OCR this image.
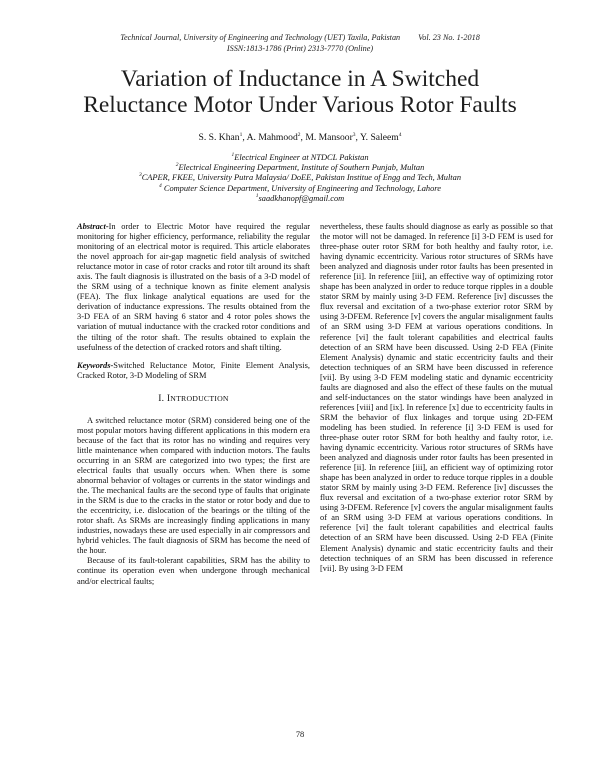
Technical Journal, University of Engineering and Technology (UET) Taxila, Pakistan Vol. 23 No. 1-2018
ISSN:1813-1786 (Print) 2313-7770 (Online)
Variation of Inductance in A Switched
Reluctance Motor Under Various Rotor Faults
S. S. Khan$^1$, A. Mahmood$^2$, M. Mansoor$^3$, Y. Saleem$^4$
$^1$Electrical Engineer at NTDCL Pakistan
$^2$Electrical Engineering Department, Institute of Southern Punjab, Multan
$^3$CAPER, FKEE, University Putra Malaysia/ DoEE, Pakistan Institue of Engg and Tech, Multan
$^4$ Computer Science Department, University of Engineering and Technology, Lahore
$^1$saadkhanopf@gmail.com

Abstract-In order to Electric Motor have required the regular monitoring for higher efficiency, performance, reliability the regular monitoring of an electrical motor is required. This article elaborates the novel approach for air-gap magnetic field analysis of switched reluctance motor in case of rotor cracks and rotor tilt around its shaft axis. The fault diagnosis is illustrated on the basis of a 3-D model of the SRM using of a technique known as finite element analysis (FEA). The flux linkage analytical equations are used for the derivation of inductance expressions. The results obtained from the 3-D FEA of an SRM having 6 stator and 4 rotor poles shows the variation of mutual inductance with the cracked rotor conditions and the tilting of the rotor shaft. The results obtained to explain the usefulness of the detection of cracked rotors and shaft tilting.

Keywords-Switched Reluctance Motor, Finite Element Analysis, Cracked Rotor, 3-D Modeling of SRM

I. INTRODUCTION

A switched reluctance motor (SRM) considered being one of the most popular motors having different applications in this modern era because of the fact that its rotor has no winding and requires very little maintenance when compared with induction motors. The faults occurring in an SRM are categorized into two types; the first are electrical faults that usually occurs when. When there is some abnormal behavior of voltages or currents in the stator windings and the. The mechanical faults are the second type of faults that originate in the SRM is due to the cracks in the stator or rotor body and due to the eccentricity, i.e. dislocation of the bearings or the tilting of the rotor shaft. As SRMs are increasingly finding applications in many industries, nowadays these are used especially in air compressors and hybrid vehicles. The fault diagnosis of SRM has become the need of the hour.

Because of its fault-tolerant capabilities, SRM has the ability to continue its operation even when undergone through mechanical and/or electrical faults;

nevertheless, these faults should diagnose as early as possible so that the motor will not be damaged. In reference [i] 3-D FEM is used for three-phase outer rotor SRM for both healthy and faulty rotor, i.e. having dynamic eccentricity. Various rotor structures of SRMs have been analyzed and diagnosis under rotor faults has been presented in reference [ii]. In reference [iii], an effective way of optimizing rotor shape has been analyzed in order to reduce torque ripples in a double stator SRM by mainly using 3-D FEM. Reference [iv] discusses the flux reversal and excitation of a two-phase exterior rotor SRM by using 3-DFEM. Reference [v] covers the angular misalignment faults of an SRM using 3-D FEM at various operations conditions. In reference [vi] the fault tolerant capabilities and electrical faults detection of an SRM have been discussed. Using 2-D FEA (Finite Element Analysis) dynamic and static eccentricity faults and their detection techniques of an SRM have been discussed in reference [vii]. By using 3-D FEM modeling static and dynamic eccentricity faults are diagnosed and also the effect of these faults on the mutual and self-inductances on the stator windings have been analyzed in references [viii] and [ix]. In reference [x] due to eccentricity faults in SRM the behavior of flux linkages and torque using 2D-FEM modeling has been studied. In reference [i] 3-D FEM is used for three-phase outer rotor SRM for both healthy and faulty rotor, i.e. having dynamic eccentricity. Various rotor structures of SRMs have been analyzed and diagnosis under rotor faults has been presented in reference [ii]. In reference [iii], an efficient way of optimizing rotor shape has been analyzed in order to reduce torque ripples in a double stator SRM by mainly using 3-D FEM. Reference [iv] discusses the flux reversal and excitation of a two-phase exterior rotor SRM by using 3-DFEM. Reference [v] covers the angular misalignment faults of an SRM using 3-D FEM at various operations conditions. In reference [vi] the fault tolerant capabilities and electrical faults detection of an SRM have been discussed. Using 2-D FEA (Finite Element Analysis) dynamic and static eccentricity faults and their detection techniques of an SRM has been discussed in reference [vii]. By using 3-D FEM

78
